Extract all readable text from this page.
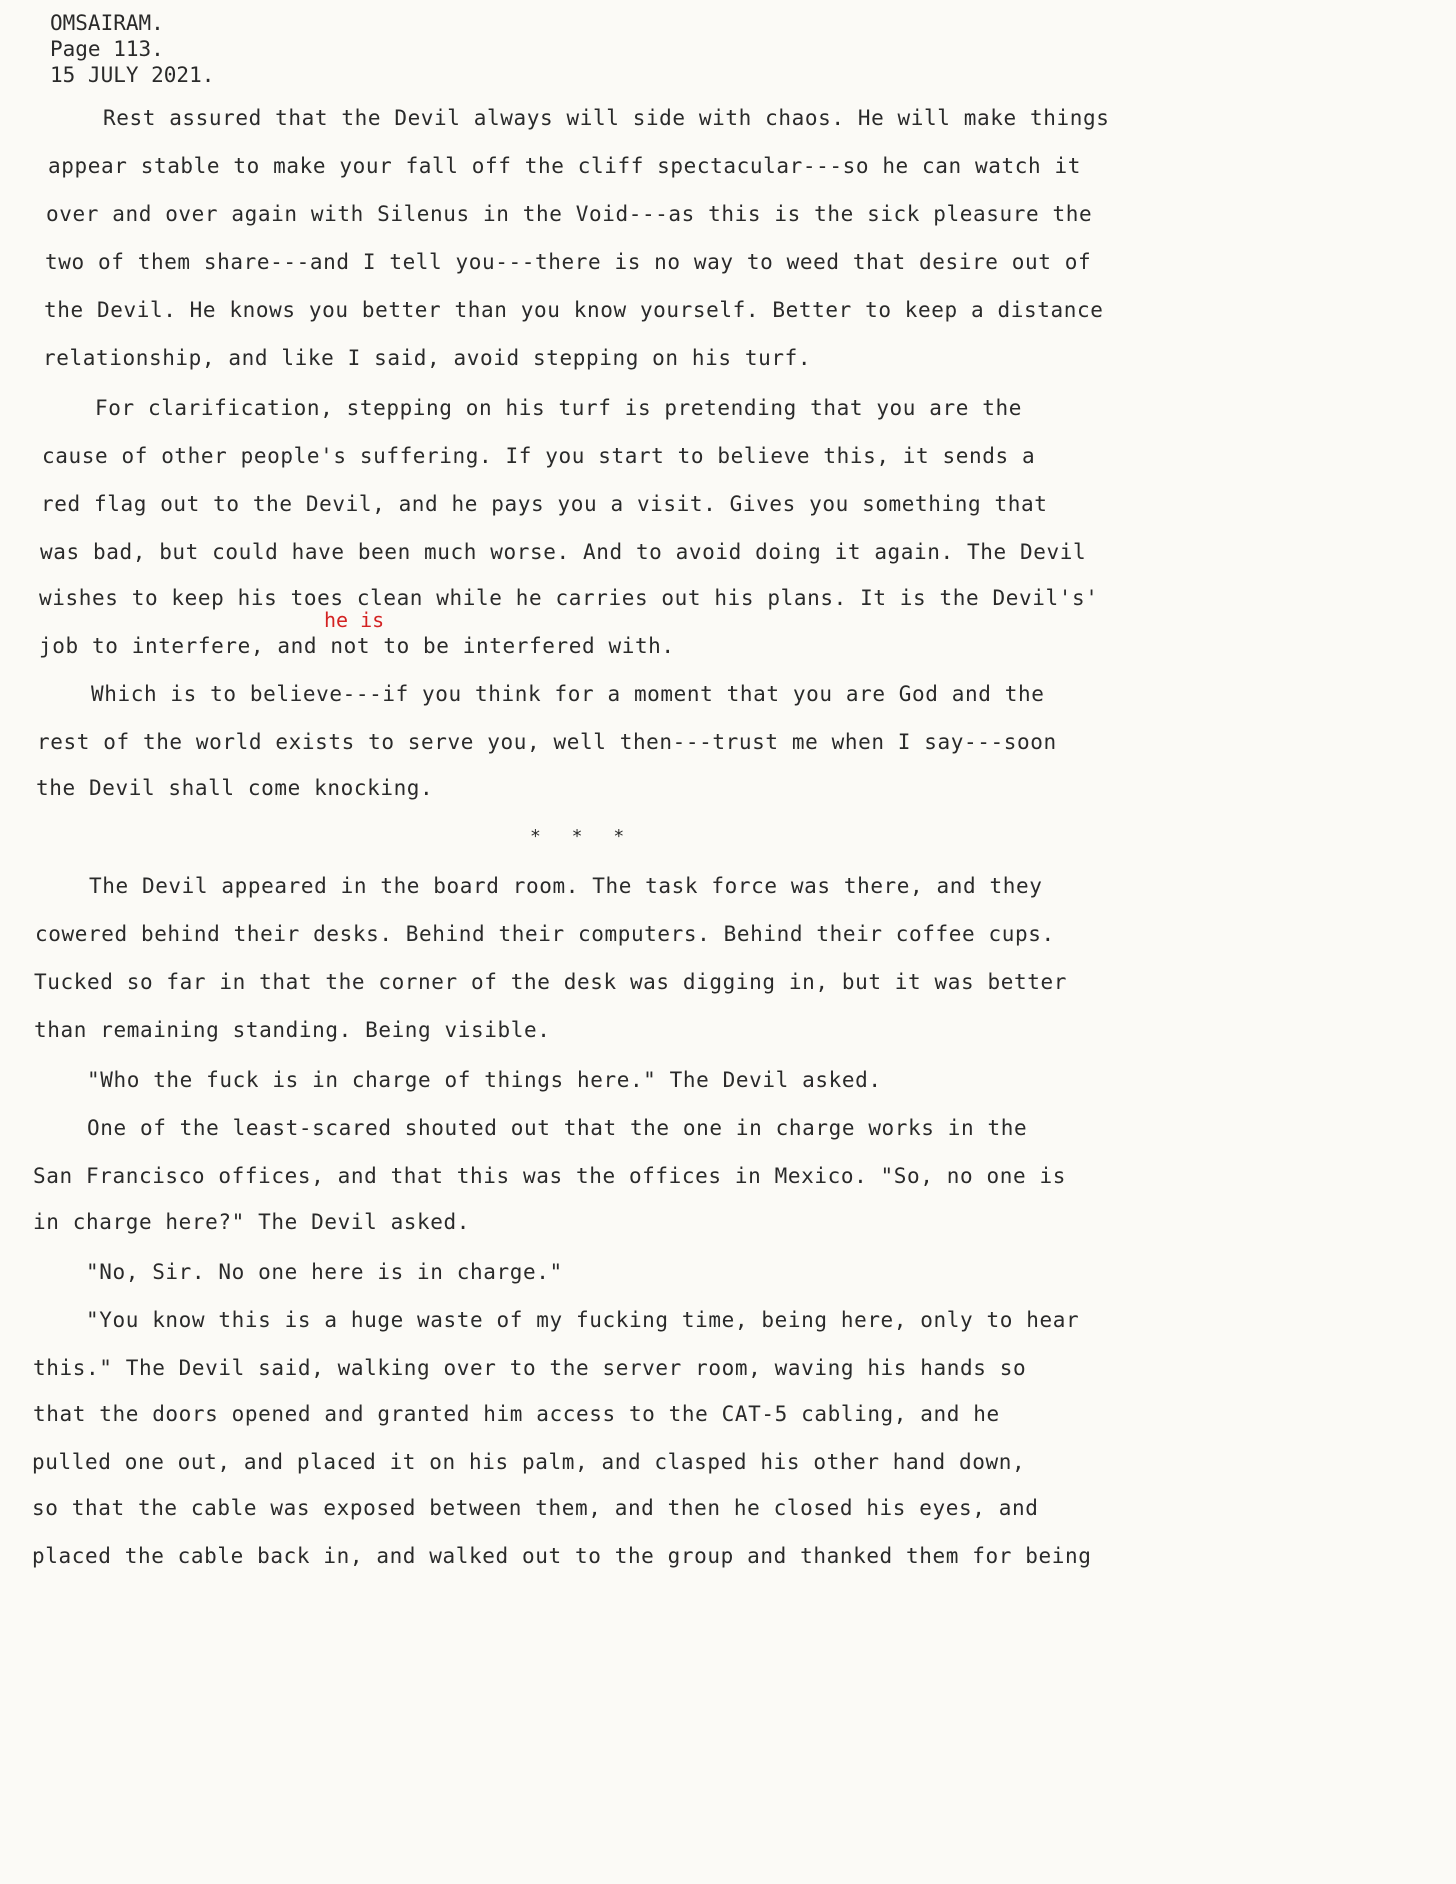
OMSAIRAM.
Page 113.
15 JULY 2021.
Rest assured that the Devil always will side with chaos. He will make things
appear stable to make your fall off the cliff spectacular---so he can watch it
over and over again with Silenus in the Void---as this is the sick pleasure the
two of them share---and I tell you---there is no way to weed that desire out of
the Devil. He knows you better than you know yourself. Better to keep a distance
relationship, and like I said, avoid stepping on his turf.
For clarification, stepping on his turf is pretending that you are the
cause of other people's suffering. If you start to believe this, it sends a
red flag out to the Devil, and he pays you a visit. Gives you something that
was bad, but could have been much worse. And to avoid doing it again. The Devil
wishes to keep his toes clean while he carries out his plans. It is the Devil's'
he is
job to interfere, and not to be interfered with.
Which is to believe---if you think for a moment that you are God and the
rest of the world exists to serve you, well then---trust me when I say---soon
the Devil shall come knocking.
* * *
The Devil appeared in the board room. The task force was there, and they
cowered behind their desks. Behind their computers. Behind their coffee cups.
Tucked so far in that the corner of the desk was digging in, but it was better
than remaining standing. Being visible.
"Who the fuck is in charge of things here." The Devil asked.
One of the least-scared shouted out that the one in charge works in the
San Francisco offices, and that this was the offices in Mexico. "So, no one is
in charge here?" The Devil asked.
"No, Sir. No one here is in charge."
"You know this is a huge waste of my fucking time, being here, only to hear
this." The Devil said, walking over to the server room, waving his hands so
that the doors opened and granted him access to the CAT-5 cabling, and he
pulled one out, and placed it on his palm, and clasped his other hand down,
so that the cable was exposed between them, and then he closed his eyes, and
placed the cable back in, and walked out to the group and thanked them for being
